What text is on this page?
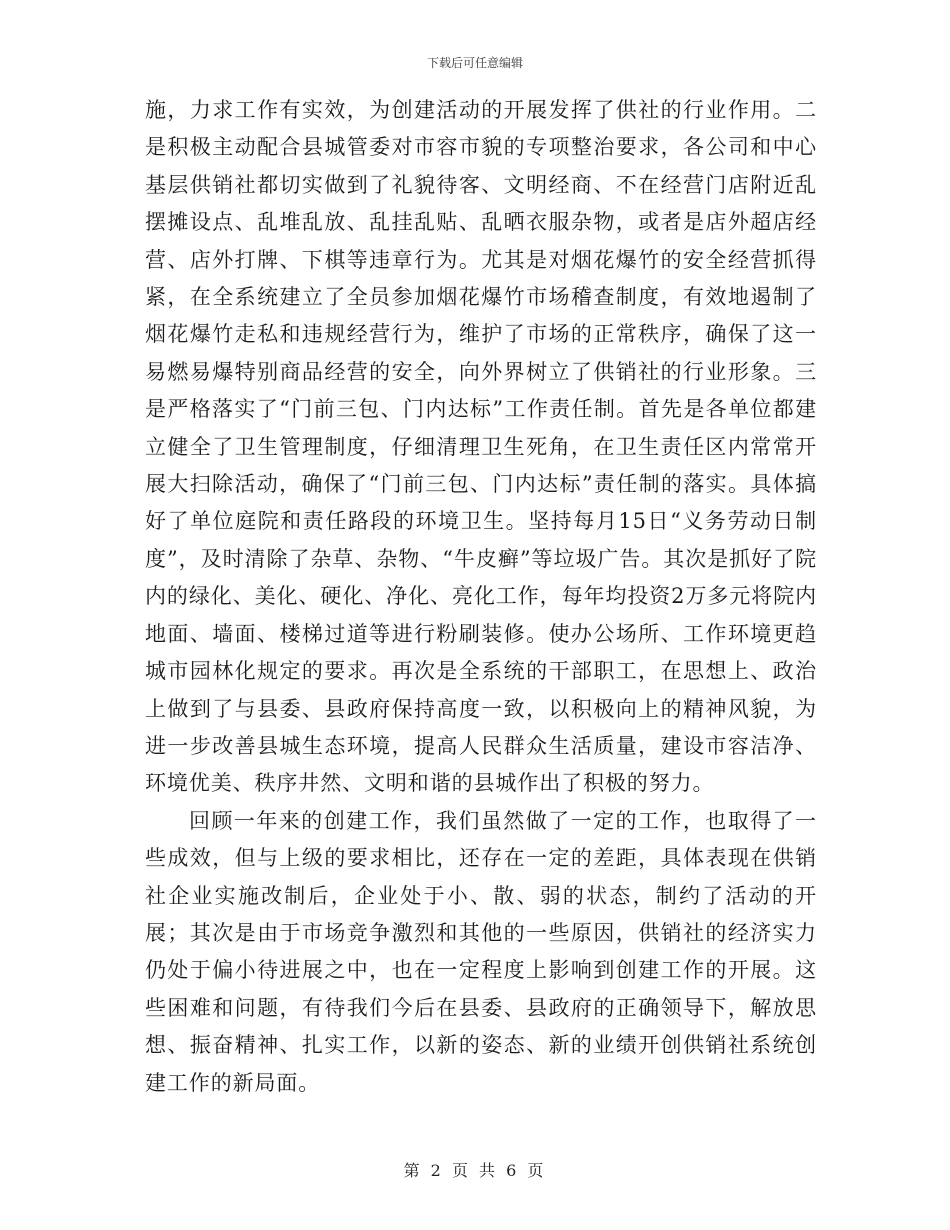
下载后可任意编辑

施，力求工作有实效，为创建活动的开展发挥了供社的行业作用。二是积极主动配合县城管委对市容市貌的专项整治要求，各公司和中心基层供销社都切实做到了礼貌待客、文明经商、不在经营门店附近乱摆摊设点、乱堆乱放、乱挂乱贴、乱晒衣服杂物，或者是店外超店经营、店外打牌、下棋等违章行为。尤其是对烟花爆竹的安全经营抓得紧，在全系统建立了全员参加烟花爆竹市场稽查制度，有效地遏制了烟花爆竹走私和违规经营行为，维护了市场的正常秩序，确保了这一易燃易爆特别商品经营的安全，向外界树立了供销社的行业形象。三是严格落实了“门前三包、门内达标”工作责任制。首先是各单位都建立健全了卫生管理制度，仔细清理卫生死角，在卫生责任区内常常开展大扫除活动，确保了“门前三包、门内达标”责任制的落实。具体搞好了单位庭院和责任路段的环境卫生。坚持每月15日“义务劳动日制度”，及时清除了杂草、杂物、“牛皮癣”等垃圾广告。其次是抓好了院内的绿化、美化、硬化、净化、亮化工作，每年均投资2万多元将院内地面、墙面、楼梯过道等进行粉刷装修。使办公场所、工作环境更趋城市园林化规定的要求。再次是全系统的干部职工，在思想上、政治上做到了与县委、县政府保持高度一致，以积极向上的精神风貌，为进一步改善县城生态环境，提高人民群众生活质量，建设市容洁净、环境优美、秩序井然、文明和谐的县城作出了积极的努力。

回顾一年来的创建工作，我们虽然做了一定的工作，也取得了一些成效，但与上级的要求相比，还存在一定的差距，具体表现在供销社企业实施改制后，企业处于小、散、弱的状态，制约了活动的开展；其次是由于市场竞争激烈和其他的一些原因，供销社的经济实力仍处于偏小待进展之中，也在一定程度上影响到创建工作的开展。这些困难和问题，有待我们今后在县委、县政府的正确领导下，解放思想、振奋精神、扎实工作，以新的姿态、新的业绩开创供销社系统创建工作的新局面。

第 2 页 共 6 页
